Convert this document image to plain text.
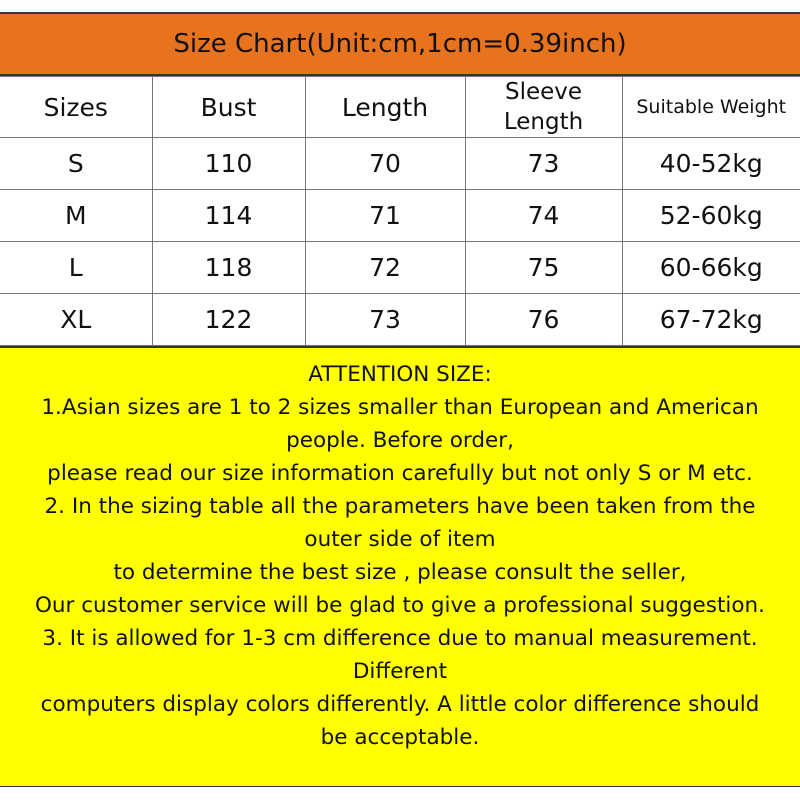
Size Chart(Unit:cm,1cm=0.39inch)
Sizes	Bust	Length	Sleeve Length	Suitable Weight
S	110	70	73	40-52kg
M	114	71	74	52-60kg
L	118	72	75	60-66kg
XL	122	73	76	67-72kg
ATTENTION SIZE:
1.Asian sizes are 1 to 2 sizes smaller than European and American
people. Before order,
please read our size information carefully but not only S or M etc.
2. In the sizing table all the parameters have been taken from the
outer side of item
to determine the best size , please consult the seller,
Our customer service will be glad to give a professional suggestion.
3. It is allowed for 1-3 cm difference due to manual measurement.
Different
computers display colors differently. A little color difference should
be acceptable.
